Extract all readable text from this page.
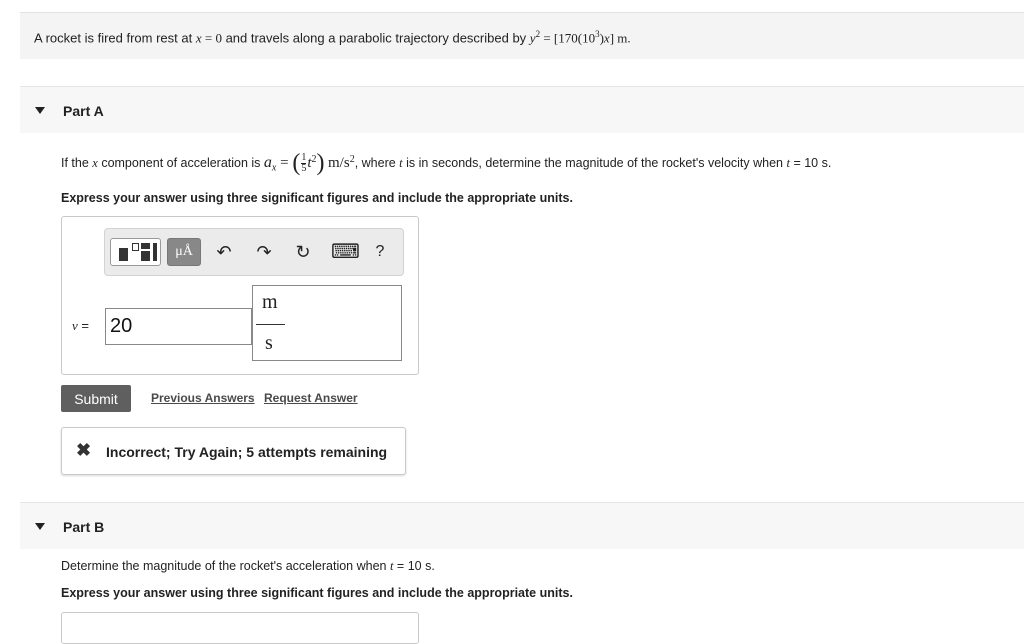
A rocket is fired from rest at x = 0 and travels along a parabolic trajectory described by $y^2 = [170(10^3)x]$ m.
Part A
If the x component of acceleration is $a_x$ = ( $\frac{1}{5} t^2$) $m/s^2$, where t is in seconds, determine the magnitude of the rocket's velocity when t = 10 s.
Express your answer using three significant figures and include the appropriate units.
μÅ	↶ ↷ ↻ ⌨ ?
v =
20
m
s
Submit	Previous Answers Request Answer
✖ Incorrect; Try Again; 5 attempts remaining
Part B
Determine the magnitude of the rocket's acceleration when t = 10 s.
Express your answer using three significant figures and include the appropriate units.
